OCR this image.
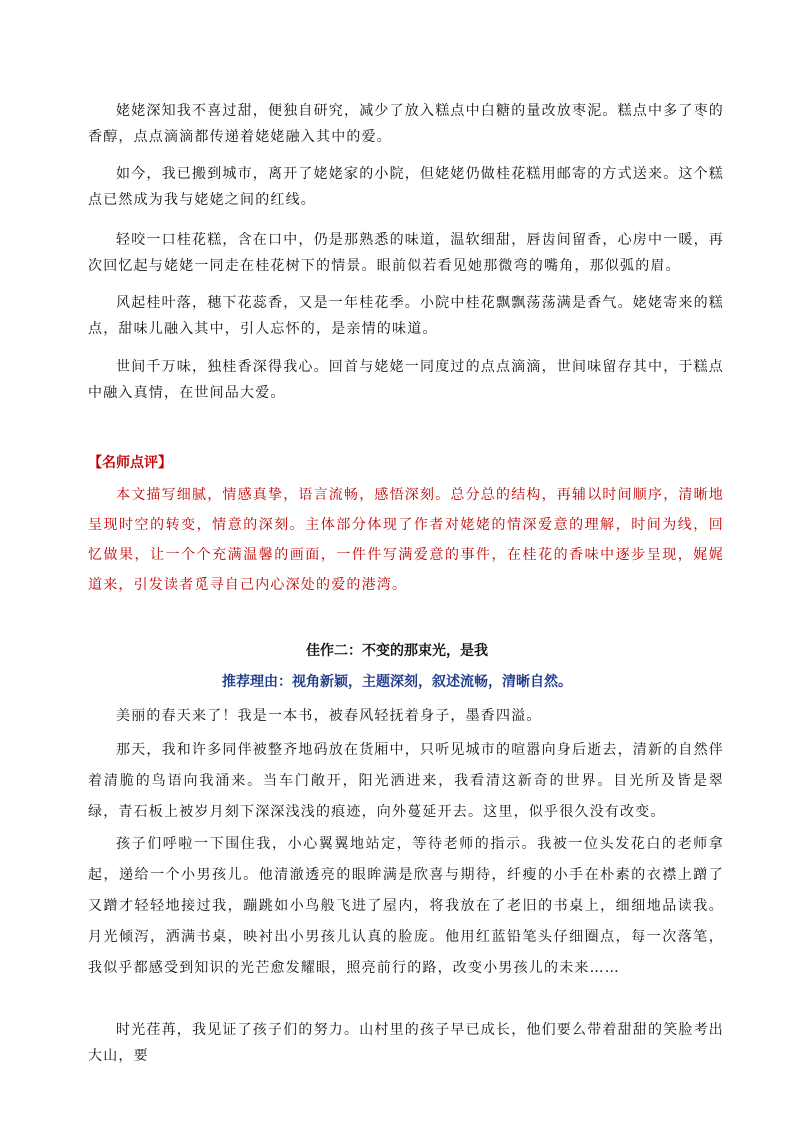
姥姥深知我不喜过甜，便独自研究，减少了放入糕点中白糖的量改放枣泥。糕点中多了枣的香醇，点点滴滴都传递着姥姥融入其中的爱。

如今，我已搬到城市，离开了姥姥家的小院，但姥姥仍做桂花糕用邮寄的方式送来。这个糕点已然成为我与姥姥之间的红线。

轻咬一口桂花糕，含在口中，仍是那熟悉的味道，温软细甜，唇齿间留香，心房中一暖，再次回忆起与姥姥一同走在桂花树下的情景。眼前似若看见她那微弯的嘴角，那似弧的眉。

风起桂叶落，穗下花蕊香，又是一年桂花季。小院中桂花飘飘荡荡满是香气。姥姥寄来的糕点，甜味儿融入其中，引人忘怀的，是亲情的味道。

世间千万味，独桂香深得我心。回首与姥姥一同度过的点点滴滴，世间味留存其中，于糕点中融入真情，在世间品大爱。

【名师点评】

本文描写细腻，情感真挚，语言流畅，感悟深刻。总分总的结构，再辅以时间顺序，清晰地呈现时空的转变，情意的深刻。主体部分体现了作者对姥姥的情深爱意的理解，时间为线，回忆做果，让一个个充满温馨的画面，一件件写满爱意的事件，在桂花的香味中逐步呈现，娓娓道来，引发读者觅寻自己内心深处的爱的港湾。

佳作二：不变的那束光，是我
推荐理由：视角新颖，主题深刻，叙述流畅，清晰自然。

美丽的春天来了！我是一本书，被春风轻抚着身子，墨香四溢。

那天，我和许多同伴被整齐地码放在货厢中，只听见城市的喧嚣向身后逝去，清新的自然伴着清脆的鸟语向我涌来。当车门敞开，阳光洒进来，我看清这新奇的世界。目光所及皆是翠绿，青石板上被岁月刻下深深浅浅的痕迹，向外蔓延开去。这里，似乎很久没有改变。

孩子们呼啦一下围住我，小心翼翼地站定，等待老师的指示。我被一位头发花白的老师拿起，递给一个小男孩儿。他清澈透亮的眼眸满是欣喜与期待，纤瘦的小手在朴素的衣襟上蹭了又蹭才轻轻地接过我，蹦跳如小鸟般飞进了屋内，将我放在了老旧的书桌上，细细地品读我。月光倾泻，洒满书桌，映衬出小男孩儿认真的脸庞。他用红蓝铅笔头仔细圈点，每一次落笔，我似乎都感受到知识的光芒愈发耀眼，照亮前行的路，改变小男孩儿的未来……

时光荏苒，我见证了孩子们的努力。山村里的孩子早已成长，他们要么带着甜甜的笑脸考出大山，要
